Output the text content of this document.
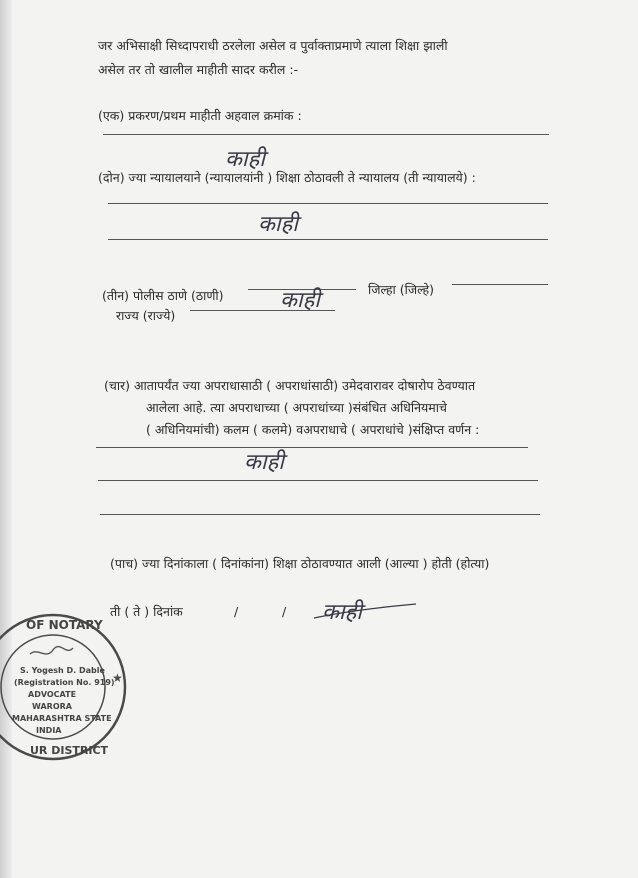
जर अभिसाक्षी सिध्दापराधी ठरलेला असेल व पुर्वाक्ताप्रमाणे त्याला शिक्षा झाली
असेल तर तो खालील माहीती सादर करील :-
(एक) प्रकरण/प्रथम माहीती अहवाल क्रमांक :
काही
(दोन) ज्या न्यायालयाने (न्यायालयांनी ) शिक्षा ठोठावली ते न्यायालय (ती न्यायालये) :
काही
(तीन) पोलीस ठाणे (ठाणी)	काही	जिल्हा (जिल्हे)
राज्य (राज्ये)
(चार) आतापर्यंत ज्या अपराधासाठी ( अपराधांसाठी) उमेदवारावर दोषारोप ठेवण्यात
आलेला आहे. त्या अपराधाच्या ( अपराधांच्या )संबंधित अधिनियमाचे
( अधिनियमांची) कलम ( कलमे) वअपराधाचे ( अपराधांचे )संक्षिप्त वर्णन :
काही
(पाच) ज्या दिनांकाला ( दिनांकांना) शिक्षा ठोठावण्यात आली (आल्या ) होती (होत्या)
ती ( ते ) दिनांक	/	/ काही
★
OF NOTARY
S. Yogesh D. Dable
(Registration No. 919)
ADVOCATE
WARORA
MAHARASHTRA STATE
INDIA
UR DISTRICT
